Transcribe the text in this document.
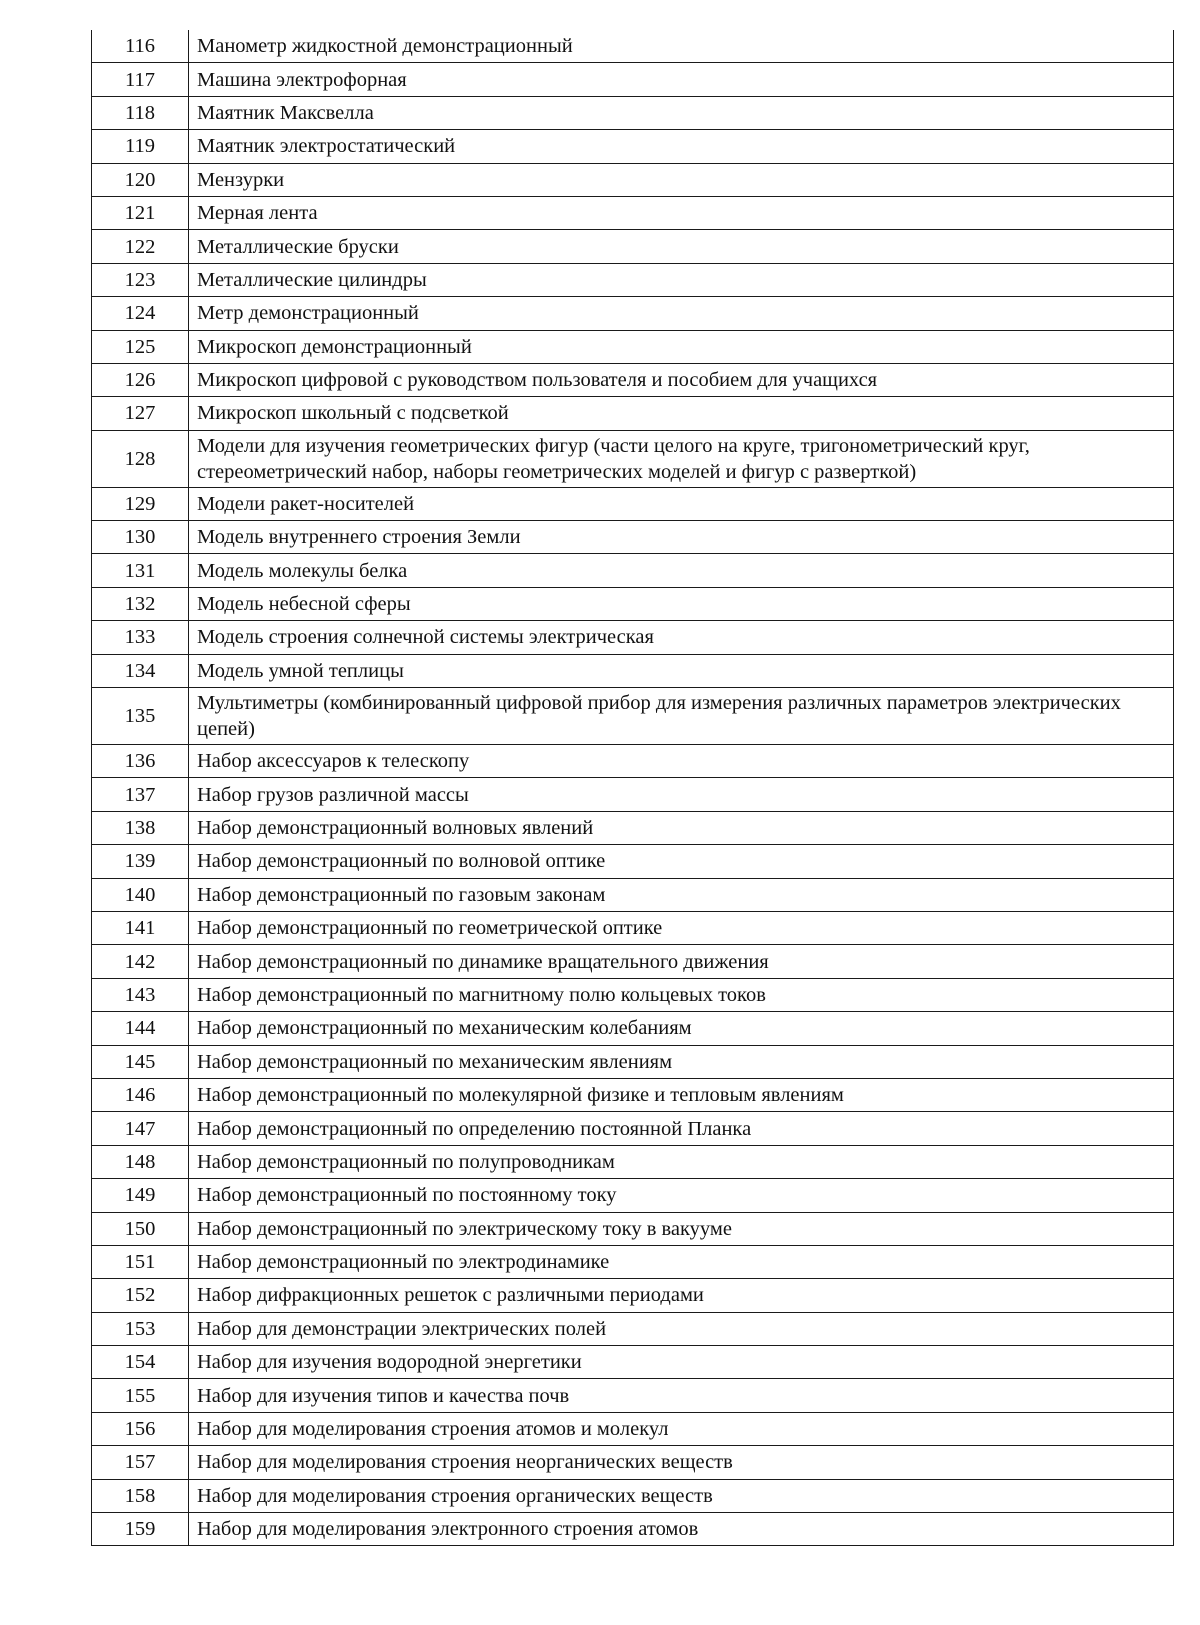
116	Манометр жидкостной демонстрационный
117	Машина электрофорная
118	Маятник Максвелла
119	Маятник электростатический
120	Мензурки
121	Мерная лента
122	Металлические бруски
123	Металлические цилиндры
124	Метр демонстрационный
125	Микроскоп демонстрационный
126	Микроскоп цифровой с руководством пользователя и пособием для учащихся
127	Микроскоп школьный с подсветкой
128	Модели для изучения геометрических фигур (части целого на круге, тригонометрический круг, стереометрический набор, наборы геометрических моделей и фигур с разверткой)
129	Модели ракет-носителей
130	Модель внутреннего строения Земли
131	Модель молекулы белка
132	Модель небесной сферы
133	Модель строения солнечной системы электрическая
134	Модель умной теплицы
135	Мультиметры (комбинированный цифровой прибор для измерения различных параметров электрических цепей)
136	Набор аксессуаров к телескопу
137	Набор грузов различной массы
138	Набор демонстрационный волновых явлений
139	Набор демонстрационный по волновой оптике
140	Набор демонстрационный по газовым законам
141	Набор демонстрационный по геометрической оптике
142	Набор демонстрационный по динамике вращательного движения
143	Набор демонстрационный по магнитному полю кольцевых токов
144	Набор демонстрационный по механическим колебаниям
145	Набор демонстрационный по механическим явлениям
146	Набор демонстрационный по молекулярной физике и тепловым явлениям
147	Набор демонстрационный по определению постоянной Планка
148	Набор демонстрационный по полупроводникам
149	Набор демонстрационный по постоянному току
150	Набор демонстрационный по электрическому току в вакууме
151	Набор демонстрационный по электродинамике
152	Набор дифракционных решеток с различными периодами
153	Набор для демонстрации электрических полей
154	Набор для изучения водородной энергетики
155	Набор для изучения типов и качества почв
156	Набор для моделирования строения атомов и молекул
157	Набор для моделирования строения неорганических веществ
158	Набор для моделирования строения органических веществ
159	Набор для моделирования электронного строения атомов
